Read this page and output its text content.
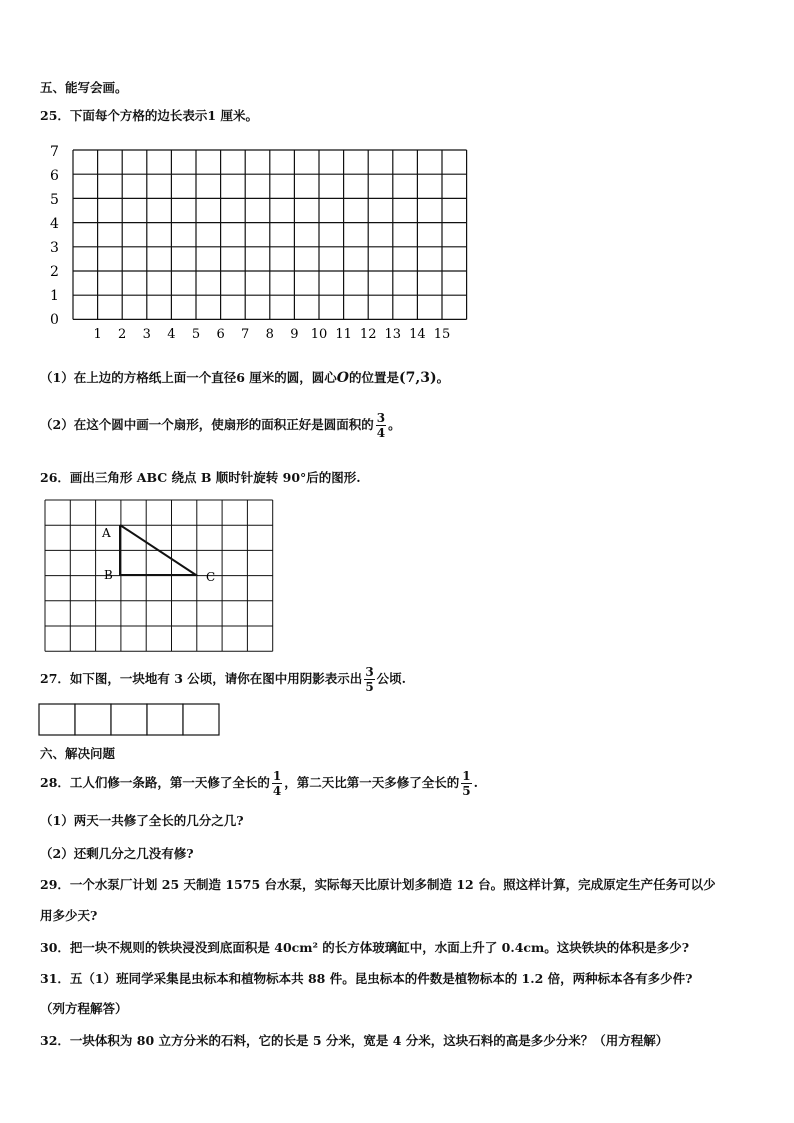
五、能写会画。
25．下面每个方格的边长表示1 厘米。
7
6
5
4
3
2
1
0
1 2 3 4 5 6 7 8 9 10 11 12 13 14 15
（1）在上边的方格纸上面一个直径6 厘米的圆，圆心O的位置是(7,3)。
（2）在这个圆中画一个扇形，使扇形的面积正好是圆面积的 $\frac{3}{4}$ 。
26．画出三角形 ABC 绕点 B 顺时针旋转 90°后的图形.
A
B	C
27．如下图，一块地有 3 公顷，请你在图中用阴影表示出 $\frac{3}{5}$ 公顷.
六、解决问题
28．工人们修一条路，第一天修了全长的 $\frac{1}{4}$ ，第二天比第一天多修了全长的 $\frac{1}{5}$ .
（1）两天一共修了全长的几分之几?
（2）还剩几分之几没有修?
29．一个水泵厂计划 25 天制造 1575 台水泵，实际每天比原计划多制造 12 台。照这样计算，完成原定生产任务可以少
用多少天?
30．把一块不规则的铁块浸没到底面积是 40cm² 的长方体玻璃缸中，水面上升了 0.4cm。这块铁块的体积是多少?
31．五（1）班同学采集昆虫标本和植物标本共 88 件。昆虫标本的件数是植物标本的 1.2 倍，两种标本各有多少件?
（列方程解答）
32．一块体积为 80 立方分米的石料，它的长是 5 分米，宽是 4 分米，这块石料的高是多少分米？（用方程解）
